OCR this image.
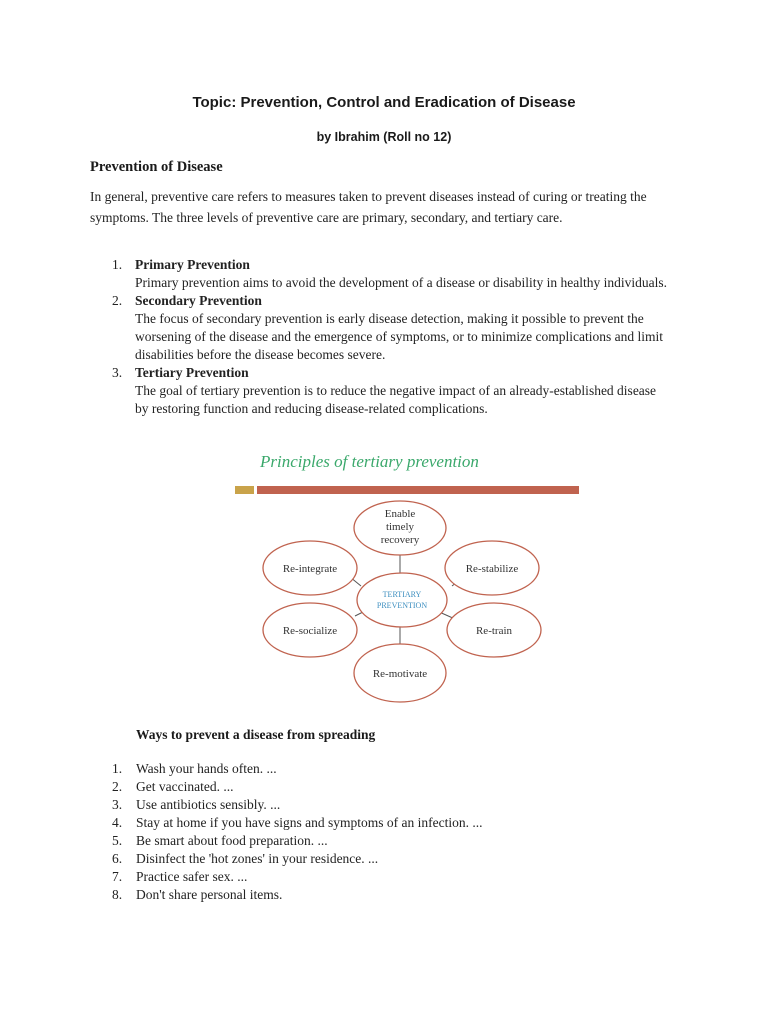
Topic: Prevention, Control and Eradication of Disease
by Ibrahim (Roll no 12)
Prevention of Disease

In general, preventive care refers to measures taken to prevent diseases instead of curing or treating the symptoms. The three levels of preventive care are primary, secondary, and tertiary care.

1. Primary Prevention
Primary prevention aims to avoid the development of a disease or disability in healthy individuals.
2. Secondary Prevention
The focus of secondary prevention is early disease detection, making it possible to prevent the worsening of the disease and the emergence of symptoms, or to minimize complications and limit disabilities before the disease becomes severe.
3. Tertiary Prevention
The goal of tertiary prevention is to reduce the negative impact of an already-established disease by restoring function and reducing disease-related complications.
Principles of tertiary prevention
Enable
timely
recovery
Re-integrate	Re-stabilize
Re-socialize	Re-train
Re-motivate
TERTIARY
PREVENTION
Ways to prevent a disease from spreading
1. Wash your hands often. ...
2. Get vaccinated. ...
3. Use antibiotics sensibly. ...
4. Stay at home if you have signs and symptoms of an infection. ...
5. Be smart about food preparation. ...
6. Disinfect the 'hot zones' in your residence. ...
7. Practice safer sex. ...
8. Don't share personal items.
